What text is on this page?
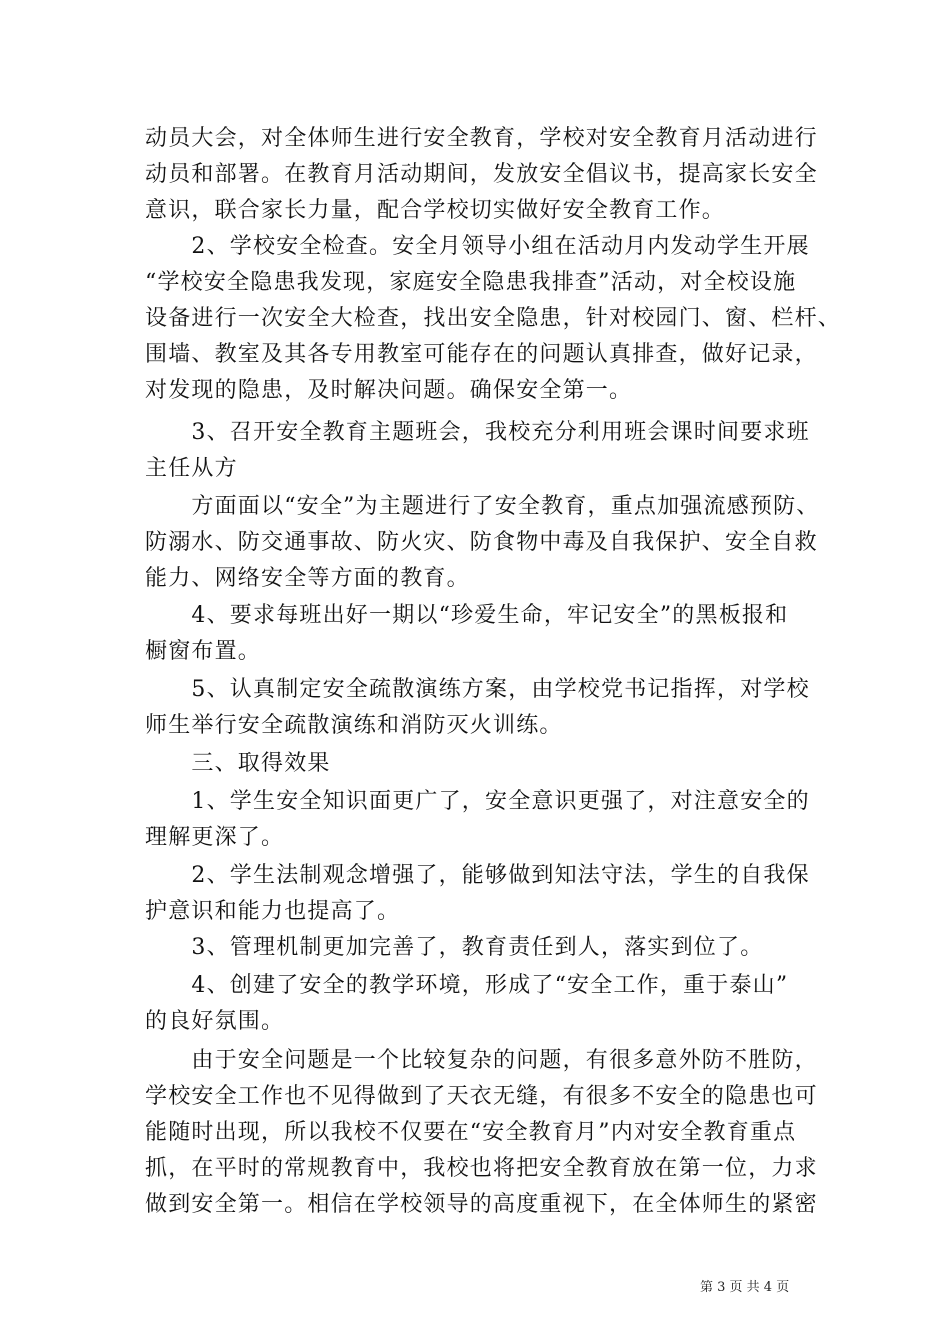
动员大会，对全体师生进行安全教育，学校对安全教育月活动进行
动员和部署。在教育月活动期间，发放安全倡议书，提高家长安全
意识，联合家长力量，配合学校切实做好安全教育工作。
　　2、学校安全检查。安全月领导小组在活动月内发动学生开展
“学校安全隐患我发现，家庭安全隐患我排查”活动，对全校设施
设备进行一次安全大检查，找出安全隐患，针对校园门、窗、栏杆、
围墙、教室及其各专用教室可能存在的问题认真排查，做好记录，
对发现的隐患，及时解决问题。确保安全第一。
　　3、召开安全教育主题班会，我校充分利用班会课时间要求班
主任从方
　　方面面以“安全”为主题进行了安全教育，重点加强流感预防、
防溺水、防交通事故、防火灾、防食物中毒及自我保护、安全自救
能力、网络安全等方面的教育。
　　4、要求每班出好一期以“珍爱生命，牢记安全”的黑板报和
橱窗布置。
　　5、认真制定安全疏散演练方案，由学校党书记指挥，对学校
师生举行安全疏散演练和消防灭火训练。
　　三、取得效果
　　1、学生安全知识面更广了，安全意识更强了，对注意安全的
理解更深了。
　　2、学生法制观念增强了，能够做到知法守法，学生的自我保
护意识和能力也提高了。
　　3、管理机制更加完善了，教育责任到人，落实到位了。
　　4、创建了安全的教学环境，形成了“安全工作，重于泰山”
的良好氛围。
　　由于安全问题是一个比较复杂的问题，有很多意外防不胜防，
学校安全工作也不见得做到了天衣无缝，有很多不安全的隐患也可
能随时出现，所以我校不仅要在“安全教育月”内对安全教育重点
抓，在平时的常规教育中，我校也将把安全教育放在第一位，力求
做到安全第一。相信在学校领导的高度重视下，在全体师生的紧密
第 3 页 共 4 页
